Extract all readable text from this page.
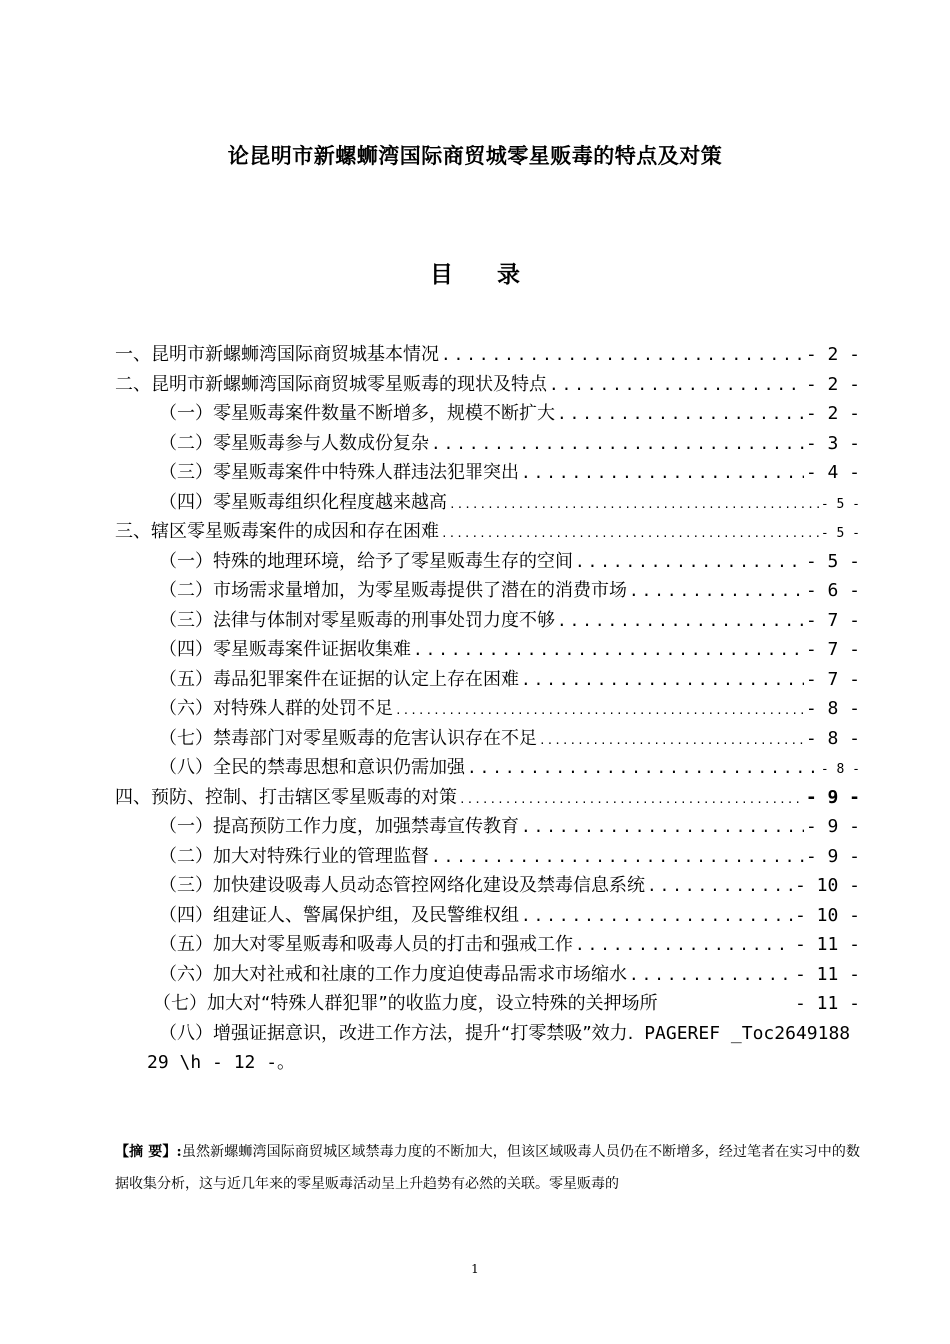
论昆明市新螺蛳湾国际商贸城零星贩毒的特点及对策
目 录
一、昆明市新螺蛳湾国际商贸城基本情况 .....	- 2 -
二、昆明市新螺蛳湾国际商贸城零星贩毒的现状及特点 .....	- 2 -
（一）零星贩毒案件数量不断增多，规模不断扩大 .....	- 2 -
（二）零星贩毒参与人数成份复杂 .....	- 3 -
（三）零星贩毒案件中特殊人群违法犯罪突出 .....	- 4 -
（四）零星贩毒组织化程度越来越高 .....	- 5 -
三、辖区零星贩毒案件的成因和存在困难 .....	- 5 -
（一）特殊的地理环境，给予了零星贩毒生存的空间 .....	- 5 -
（二）市场需求量增加，为零星贩毒提供了潜在的消费市场 .....	- 6 -
（三）法律与体制对零星贩毒的刑事处罚力度不够 .....	- 7 -
（四）零星贩毒案件证据收集难 .....	- 7 -
（五）毒品犯罪案件在证据的认定上存在困难 .....	- 7 -
（六）对特殊人群的处罚不足 .....	- 8 -
（七）禁毒部门对零星贩毒的危害认识存在不足 .....	- 8 -
（八）全民的禁毒思想和意识仍需加强 .....	- 8 -
四、预防、控制、打击辖区零星贩毒的对策 .....	- 9 -
（一）提高预防工作力度，加强禁毒宣传教育 .....	- 9 -
（二）加大对特殊行业的管理监督 .....	- 9 -
（三）加快建设吸毒人员动态管控网络化建设及禁毒信息系统 .....	- 10 -
（四）组建证人、警属保护组，及民警维权组 .....	- 10 -
（五）加大对零星贩毒和吸毒人员的打击和强戒工作 .....	- 11 -
（六）加大对社戒和社康的工作力度迫使毒品需求市场缩水 .....	- 11 -
（七）加大对“特殊人群犯罪”的收监力度，设立特殊的关押场所	- 11 -
（八）增强证据意识，改进工作方法，提升“打零禁吸”效力. PAGEREF _Toc264918829 \h - 12 -。
【摘 要】:虽然新螺蛳湾国际商贸城区域禁毒力度的不断加大，但该区域吸毒人员仍在不断增多，经过笔者在实习中的数据收集分析，这与近几年来的零星贩毒活动呈上升趋势有必然的关联。零星贩毒的
1
